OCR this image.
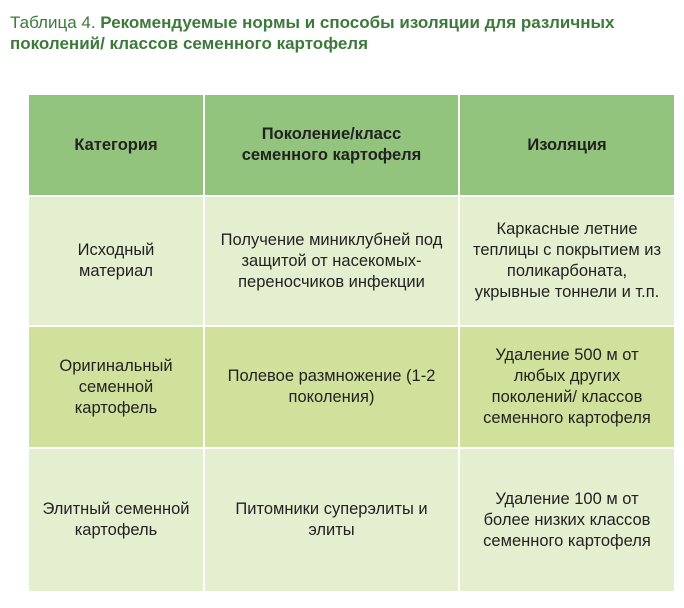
Таблица 4. Рекомендуемые нормы и способы изоляции для различных поколений/ классов семенного картофеля
Категория	Поколение/класс семенного картофеля	Изоляция
Исходный материал	Получение миниклубней под защитой от насекомых-переносчиков инфекции	Каркасные летние теплицы с покрытием из поликарбоната, укрывные тоннели и т.п.
Оригинальный семенной картофель	Полевое размножение (1-2 поколения)	Удаление 500 м от любых других поколений/ классов семенного картофеля
Элитный семенной картофель	Питомники суперэлиты и элиты	Удаление 100 м от более низких классов семенного картофеля
